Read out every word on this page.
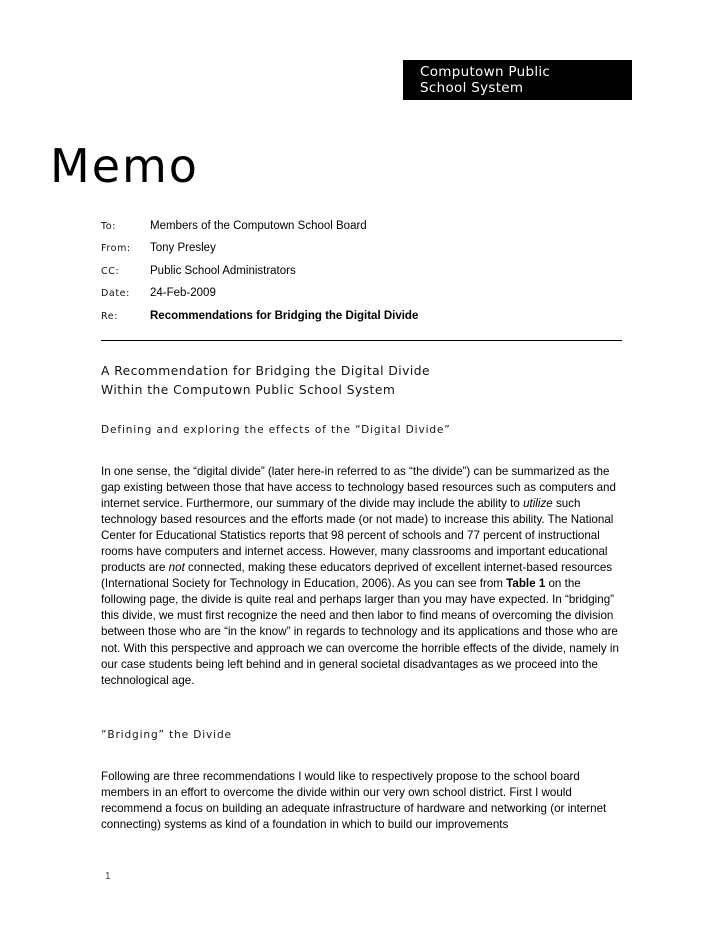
Computown Public
School System
Memo
To:	Members of the Computown School Board
From:	Tony Presley
CC:	Public School Administrators
Date:	24-Feb-2009
Re:	Recommendations for Bridging the Digital Divide
A Recommendation for Bridging the Digital Divide
Within the Computown Public School System
Defining and exploring the effects of the “Digital Divide”
In one sense, the “digital divide” (later here-in referred to as “the divide”) can be summarized as the gap existing between those that have access to technology based resources such as computers and internet service. Furthermore, our summary of the divide may include the ability to utilize such technology based resources and the efforts made (or not made) to increase this ability. The National Center for Educational Statistics reports that 98 percent of schools and 77 percent of instructional rooms have computers and internet access. However, many classrooms and important educational products are not connected, making these educators deprived of excellent internet-based resources (International Society for Technology in Education, 2006). As you can see from Table 1 on the following page, the divide is quite real and perhaps larger than you may have expected. In “bridging” this divide, we must first recognize the need and then labor to find means of overcoming the division between those who are “in the know” in regards to technology and its applications and those who are not. With this perspective and approach we can overcome the horrible effects of the divide, namely in our case students being left behind and in general societal disadvantages as we proceed into the technological age.
”Bridging” the Divide
Following are three recommendations I would like to respectively propose to the school board members in an effort to overcome the divide within our very own school district. First I would recommend a focus on building an adequate infrastructure of hardware and networking (or internet connecting) systems as kind of a foundation in which to build our improvements
1
